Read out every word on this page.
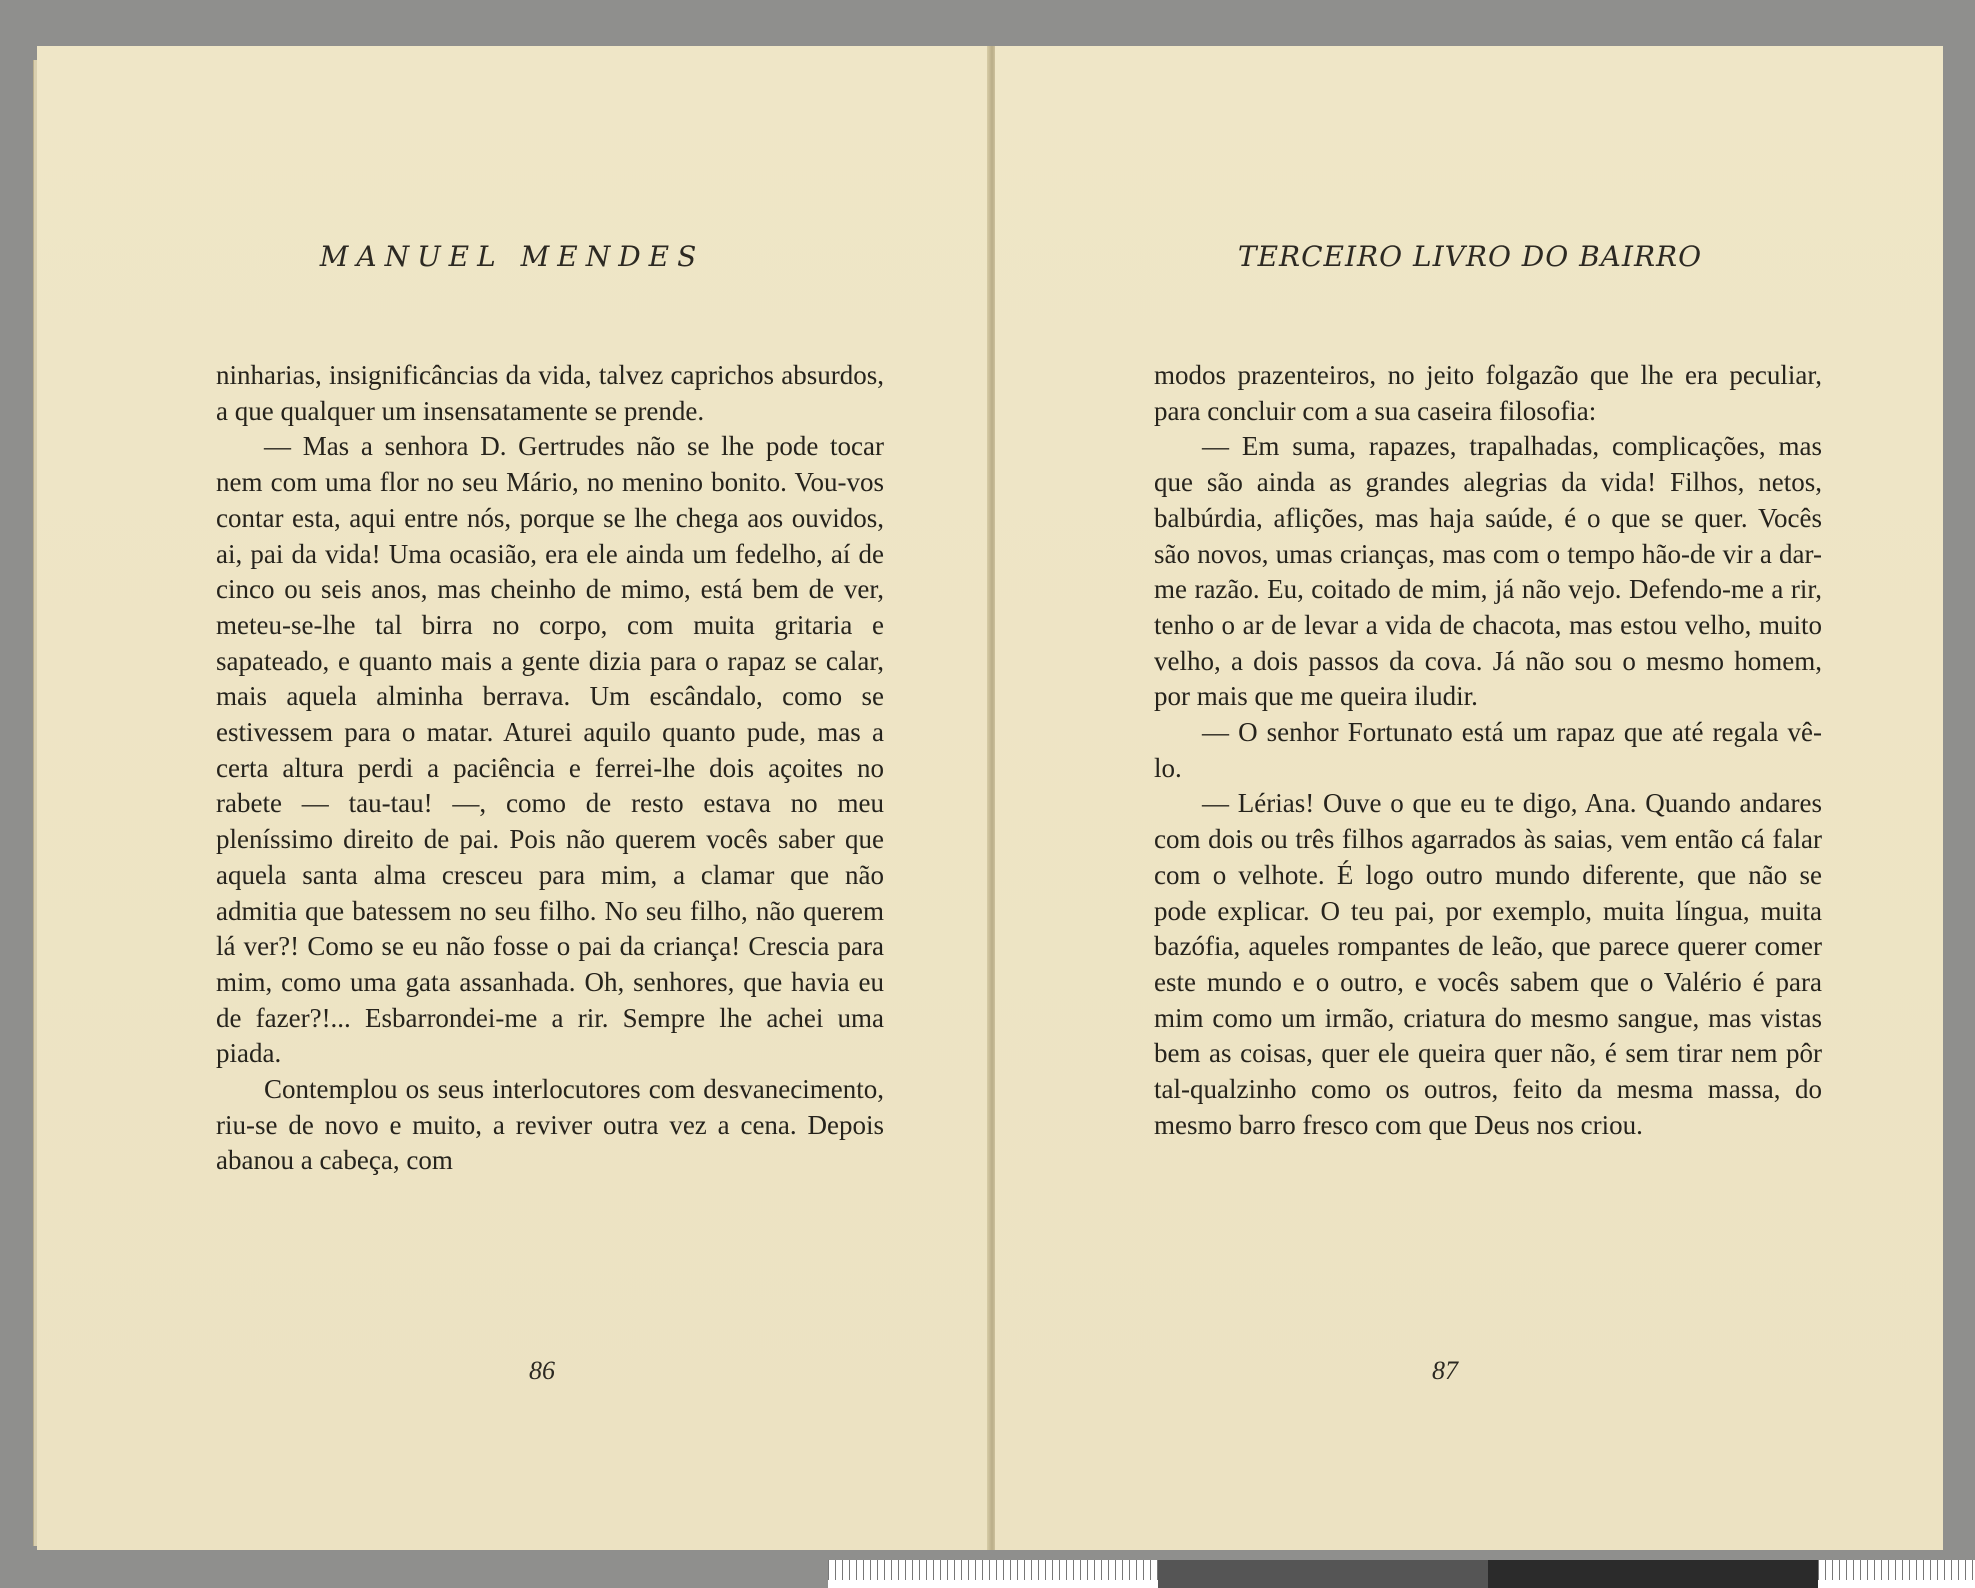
MANUEL MENDES

ninharias, insignificâncias da vida, talvez caprichos absurdos, a que qualquer um insensatamente se prende.

— Mas a senhora D. Gertrudes não se lhe pode tocar nem com uma flor no seu Mário, no menino bonito. Vou-vos contar esta, aqui entre nós, porque se lhe chega aos ouvidos, ai, pai da vida! Uma ocasião, era ele ainda um fedelho, aí de cinco ou seis anos, mas cheinho de mimo, está bem de ver, meteu-se-lhe tal birra no corpo, com muita gritaria e sapateado, e quanto mais a gente dizia para o rapaz se calar, mais aquela alminha berrava. Um escândalo, como se estivessem para o matar. Aturei aquilo quanto pude, mas a certa altura perdi a paciência e ferrei-lhe dois açoites no rabete — tau-tau! —, como de resto estava no meu pleníssimo direito de pai. Pois não querem vocês saber que aquela santa alma cresceu para mim, a clamar que não admitia que batessem no seu filho. No seu filho, não querem lá ver?! Como se eu não fosse o pai da criança! Crescia para mim, como uma gata assanhada. Oh, senhores, que havia eu de fazer?!... Esbarrondei-me a rir. Sempre lhe achei uma piada.

Contemplou os seus interlocutores com desvanecimento, riu-se de novo e muito, a reviver outra vez a cena. Depois abanou a cabeça, com

86
TERCEIRO LIVRO DO BAIRRO

modos prazenteiros, no jeito folgazão que lhe era peculiar, para concluir com a sua caseira filosofia:

— Em suma, rapazes, trapalhadas, complicações, mas que são ainda as grandes alegrias da vida! Filhos, netos, balbúrdia, aflições, mas haja saúde, é o que se quer. Vocês são novos, umas crianças, mas com o tempo hão-de vir a dar-me razão. Eu, coitado de mim, já não vejo. Defendo-me a rir, tenho o ar de levar a vida de chacota, mas estou velho, muito velho, a dois passos da cova. Já não sou o mesmo homem, por mais que me queira iludir.

— O senhor Fortunato está um rapaz que até regala vê-lo.

— Lérias! Ouve o que eu te digo, Ana. Quando andares com dois ou três filhos agarrados às saias, vem então cá falar com o velhote. É logo outro mundo diferente, que não se pode explicar. O teu pai, por exemplo, muita língua, muita bazófia, aqueles rompantes de leão, que parece querer comer este mundo e o outro, e vocês sabem que o Valério é para mim como um irmão, criatura do mesmo sangue, mas vistas bem as coisas, quer ele queira quer não, é sem tirar nem pôr tal-qualzinho como os outros, feito da mesma massa, do mesmo barro fresco com que Deus nos criou.

87
